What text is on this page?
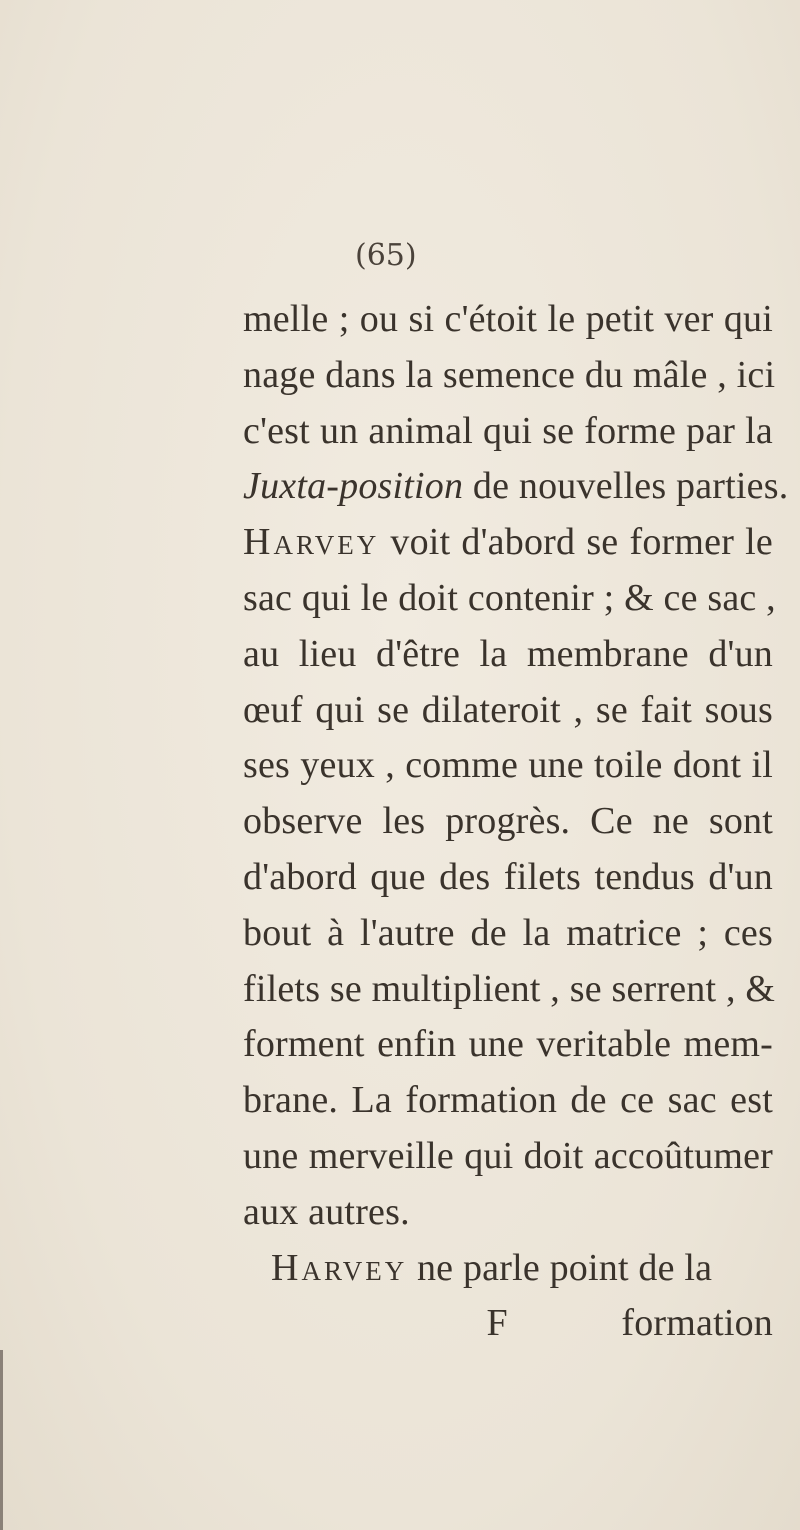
(65)
melle ; ou si c'étoit le petit ver qui
nage dans la semence du mâle , ici
c'est un animal qui se forme par la
Juxta-position de nouvelles parties.
Harvey voit d'abord se former le
sac qui le doit contenir ; & ce sac ,
au lieu d'être la membrane d'un
œuf qui se dilateroit , se fait sous
ses yeux , comme une toile dont il
observe les progrès. Ce ne sont
d'abord que des filets tendus d'un
bout à l'autre de la matrice ; ces
filets se multiplient , se serrent , &
forment enfin une veritable mem-
brane. La formation de ce sac est
une merveille qui doit accoûtumer
aux autres.
Harvey ne parle point de la
F	formation
